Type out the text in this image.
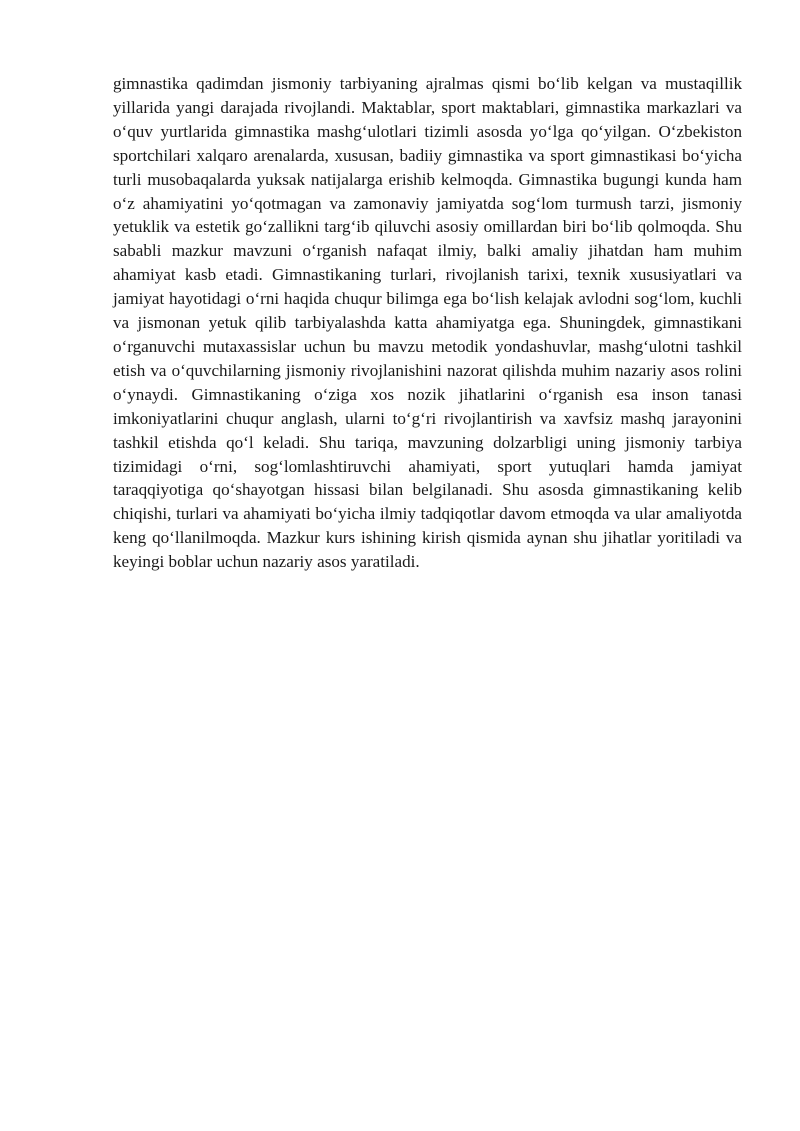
gimnastika qadimdan jismoniy tarbiyaning ajralmas qismi bo‘lib kelgan va mustaqillik yillarida yangi darajada rivojlandi. Maktablar, sport maktablari, gimnastika markazlari va o‘quv yurtlarida gimnastika mashg‘ulotlari tizimli asosda yo‘lga qo‘yilgan. O‘zbekiston sportchilari xalqaro arenalarda, xususan, badiiy gimnastika va sport gimnastikasi bo‘yicha turli musobaqalarda yuksak natijalarga erishib kelmoqda. Gimnastika bugungi kunda ham o‘z ahamiyatini yo‘qotmagan va zamonaviy jamiyatda sog‘lom turmush tarzi, jismoniy yetuklik va estetik go‘zallikni targ‘ib qiluvchi asosiy omillardan biri bo‘lib qolmoqda. Shu sababli mazkur mavzuni o‘rganish nafaqat ilmiy, balki amaliy jihatdan ham muhim ahamiyat kasb etadi. Gimnastikaning turlari, rivojlanish tarixi, texnik xususiyatlari va jamiyat hayotidagi o‘rni haqida chuqur bilimga ega bo‘lish kelajak avlodni sog‘lom, kuchli va jismonan yetuk qilib tarbiyalashda katta ahamiyatga ega. Shuningdek, gimnastikani o‘rganuvchi mutaxassislar uchun bu mavzu metodik yondashuvlar, mashg‘ulotni tashkil etish va o‘quvchilarning jismoniy rivojlanishini nazorat qilishda muhim nazariy asos rolini o‘ynaydi. Gimnastikaning o‘ziga xos nozik jihatlarini o‘rganish esa inson tanasi imkoniyatlarini chuqur anglash, ularni to‘g‘ri rivojlantirish va xavfsiz mashq jarayonini tashkil etishda qo‘l keladi. Shu tariqa, mavzuning dolzarbligi uning jismoniy tarbiya tizimidagi o‘rni, sog‘lomlashtiruvchi ahamiyati, sport yutuqlari hamda jamiyat taraqqiyotiga qo‘shayotgan hissasi bilan belgilanadi. Shu asosda gimnastikaning kelib chiqishi, turlari va ahamiyati bo‘yicha ilmiy tadqiqotlar davom etmoqda va ular amaliyotda keng qo‘llanilmoqda. Mazkur kurs ishining kirish qismida aynan shu jihatlar yoritiladi va keyingi boblar uchun nazariy asos yaratiladi.
